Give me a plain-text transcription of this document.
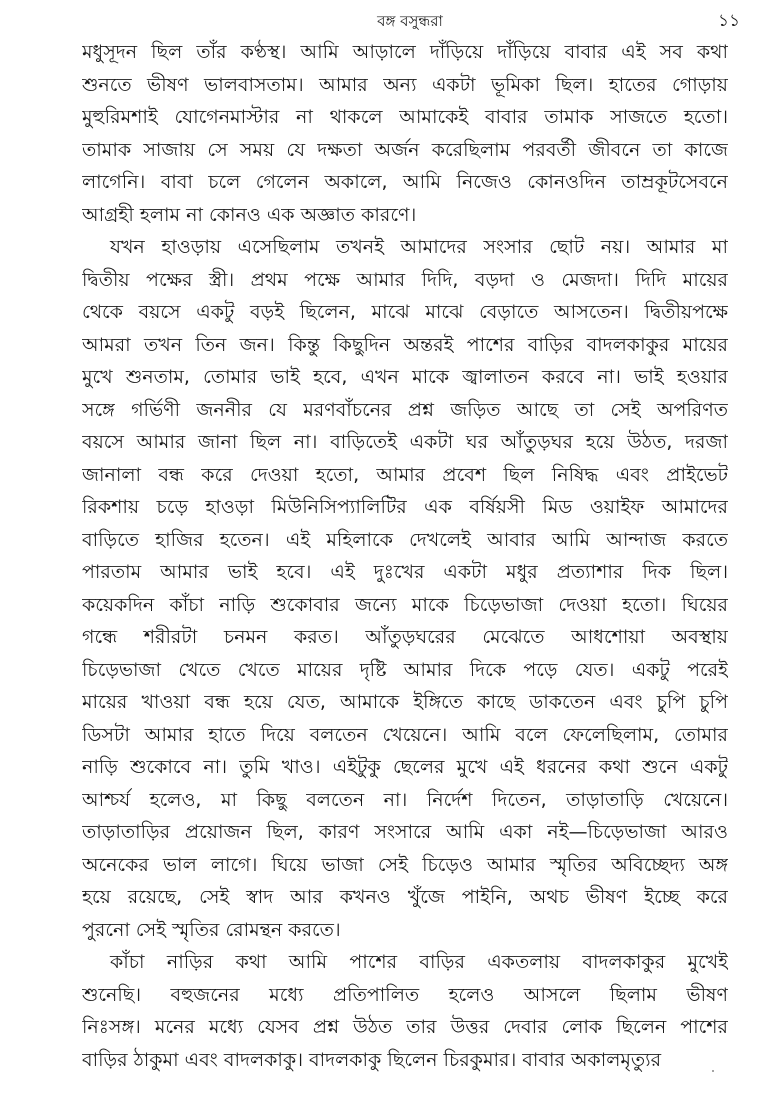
বঙ্গ বসুন্ধরা	১১
মধুসূদন ছিল তাঁর কণ্ঠস্থ। আমি আড়ালে দাঁড়িয়ে দাঁড়িয়ে বাবার এই সব কথা
শুনতে ভীষণ ভালবাসতাম। আমার অন্য একটা ভূমিকা ছিল। হাতের গোড়ায়
মুহুরিমশাই যোগেনমাস্টার না থাকলে আমাকেই বাবার তামাক সাজতে হতো।
তামাক সাজায় সে সময় যে দক্ষতা অর্জন করেছিলাম পরবর্তী জীবনে তা কাজে
লাগেনি। বাবা চলে গেলেন অকালে, আমি নিজেও কোনওদিন তাম্রকূটসেবনে
আগ্রহী হলাম না কোনও এক অজ্ঞাত কারণে।
যখন হাওড়ায় এসেছিলাম তখনই আমাদের সংসার ছোট নয়। আমার মা
দ্বিতীয় পক্ষের স্ত্রী। প্রথম পক্ষে আমার দিদি, বড়দা ও মেজদা। দিদি মায়ের
থেকে বয়সে একটু বড়ই ছিলেন, মাঝে মাঝে বেড়াতে আসতেন। দ্বিতীয়পক্ষে
আমরা তখন তিন জন। কিন্তু কিছুদিন অন্তরই পাশের বাড়ির বাদলকাকুর মায়ের
মুখে শুনতাম, তোমার ভাই হবে, এখন মাকে জ্বালাতন করবে না। ভাই হওয়ার
সঙ্গে গর্ভিণী জননীর যে মরণবাঁচনের প্রশ্ন জড়িত আছে তা সেই অপরিণত
বয়সে আমার জানা ছিল না। বাড়িতেই একটা ঘর আঁতুড়ঘর হয়ে উঠত, দরজা
জানালা বন্ধ করে দেওয়া হতো, আমার প্রবেশ ছিল নিষিদ্ধ এবং প্রাইভেট
রিকশায় চড়ে হাওড়া মিউনিসিপ্যালিটির এক বর্ষিয়সী মিড ওয়াইফ আমাদের
বাড়িতে হাজির হতেন। এই মহিলাকে দেখলেই আবার আমি আন্দাজ করতে
পারতাম আমার ভাই হবে। এই দুঃখের একটা মধুর প্রত্যাশার দিক ছিল।
কয়েকদিন কাঁচা নাড়ি শুকোবার জন্যে মাকে চিড়েভাজা দেওয়া হতো। ঘিয়ের
গন্ধে শরীরটা চনমন করত। আঁতুড়ঘরের মেঝেতে আধশোয়া অবস্থায়
চিড়েভাজা খেতে খেতে মায়ের দৃষ্টি আমার দিকে পড়ে যেত। একটু পরেই
মায়ের খাওয়া বন্ধ হয়ে যেত, আমাকে ইঙ্গিতে কাছে ডাকতেন এবং চুপি চুপি
ডিসটা আমার হাতে দিয়ে বলতেন খেয়েনে। আমি বলে ফেলেছিলাম, তোমার
নাড়ি শুকোবে না। তুমি খাও। এইটুকু ছেলের মুখে এই ধরনের কথা শুনে একটু
আশ্চর্য হলেও, মা কিছু বলতেন না। নির্দেশ দিতেন, তাড়াতাড়ি খেয়েনে।
তাড়াতাড়ির প্রয়োজন ছিল, কারণ সংসারে আমি একা নই—চিড়েভাজা আরও
অনেকের ভাল লাগে। ঘিয়ে ভাজা সেই চিড়েও আমার স্মৃতির অবিচ্ছেদ্য অঙ্গ
হয়ে রয়েছে, সেই স্বাদ আর কখনও খুঁজে পাইনি, অথচ ভীষণ ইচ্ছে করে
পুরনো সেই স্মৃতির রোমন্থন করতে।
কাঁচা নাড়ির কথা আমি পাশের বাড়ির একতলায় বাদলকাকুর মুখেই
শুনেছি। বহুজনের মধ্যে প্রতিপালিত হলেও আসলে ছিলাম ভীষণ
নিঃসঙ্গ। মনের মধ্যে যেসব প্রশ্ন উঠত তার উত্তর দেবার লোক ছিলেন পাশের
বাড়ির ঠাকুমা এবং বাদলকাকু। বাদলকাকু ছিলেন চিরকুমার। বাবার অকালমৃত্যুর
